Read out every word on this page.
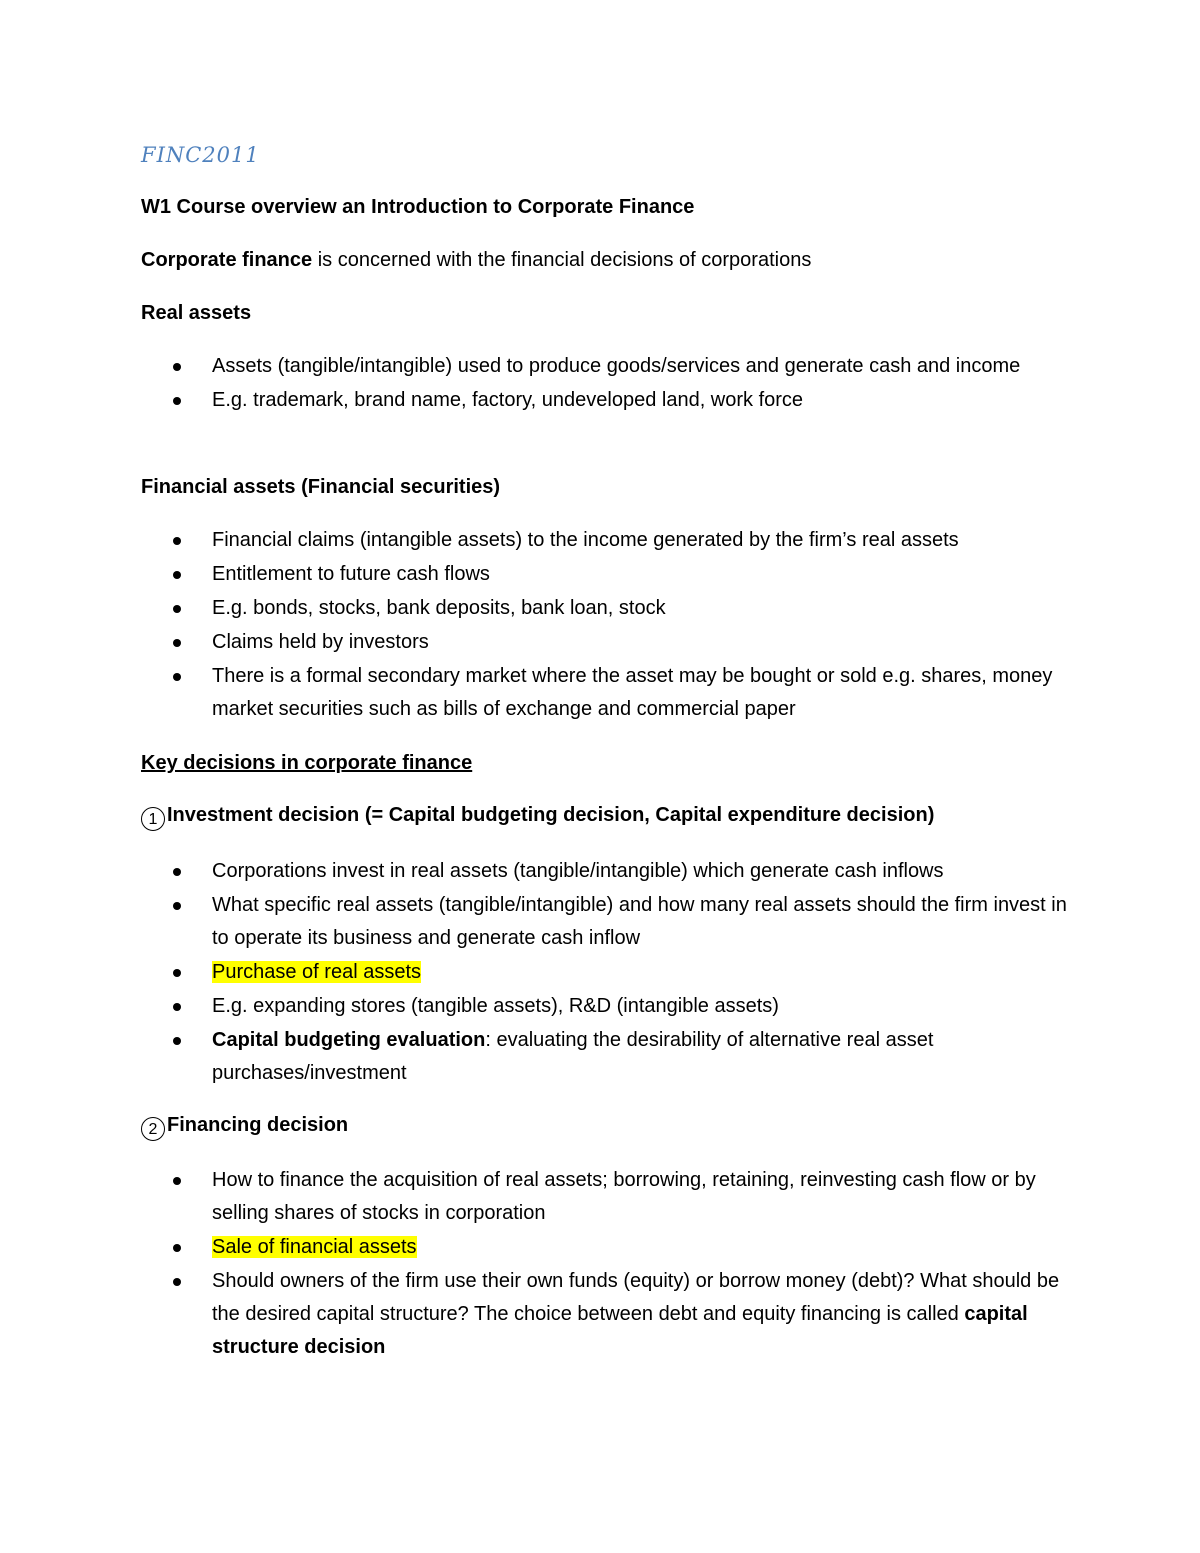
FINC2011

W1 Course overview an Introduction to Corporate Finance

Corporate finance is concerned with the financial decisions of corporations

Real assets

Assets (tangible/intangible) used to produce goods/services and generate cash and income
E.g. trademark, brand name, factory, undeveloped land, work force

Financial assets (Financial securities)

Financial claims (intangible assets) to the income generated by the firm’s real assets
Entitlement to future cash flows
E.g. bonds, stocks, bank deposits, bank loan, stock
Claims held by investors
There is a formal secondary market where the asset may be bought or sold e.g. shares, money market securities such as bills of exchange and commercial paper

Key decisions in corporate finance

1 Investment decision (= Capital budgeting decision, Capital expenditure decision)

Corporations invest in real assets (tangible/intangible) which generate cash inflows
What specific real assets (tangible/intangible) and how many real assets should the firm invest in to operate its business and generate cash inflow
Purchase of real assets
E.g. expanding stores (tangible assets), R&D (intangible assets)
Capital budgeting evaluation: evaluating the desirability of alternative real asset purchases/investment

2 Financing decision

How to finance the acquisition of real assets; borrowing, retaining, reinvesting cash flow or by selling shares of stocks in corporation
Sale of financial assets
Should owners of the firm use their own funds (equity) or borrow money (debt)? What should be the desired capital structure? The choice between debt and equity financing is called capital structure decision
